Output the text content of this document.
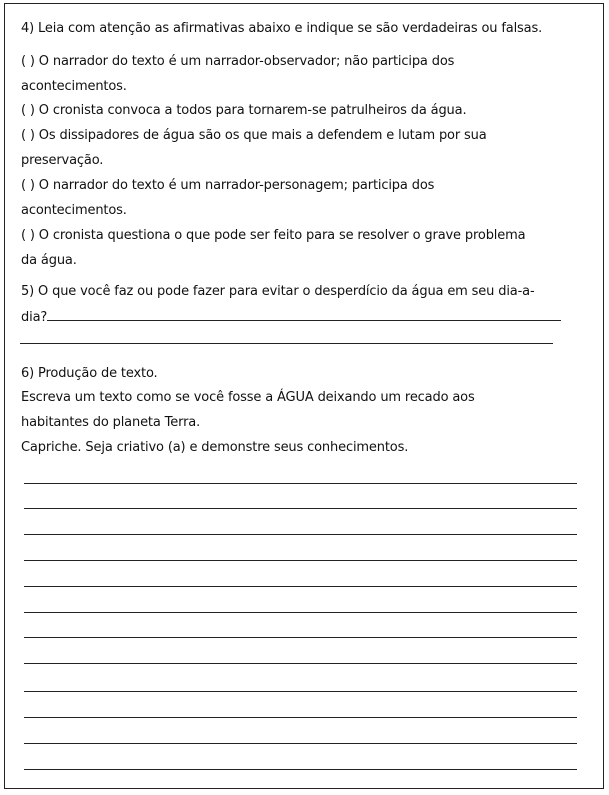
4) Leia com atenção as afirmativas abaixo e indique se são verdadeiras ou falsas.
( ) O narrador do texto é um narrador-observador; não participa dos
acontecimentos.
( ) O cronista convoca a todos para tornarem-se patrulheiros da água.
( ) Os dissipadores de água são os que mais a defendem e lutam por sua
preservação.
( ) O narrador do texto é um narrador-personagem; participa dos
acontecimentos.
( ) O cronista questiona o que pode ser feito para se resolver o grave problema
da água.
5) O que você faz ou pode fazer para evitar o desperdício da água em seu dia-a-
dia?
6) Produção de texto.
Escreva um texto como se você fosse a ÁGUA deixando um recado aos
habitantes do planeta Terra.
Capriche. Seja criativo (a) e demonstre seus conhecimentos.
